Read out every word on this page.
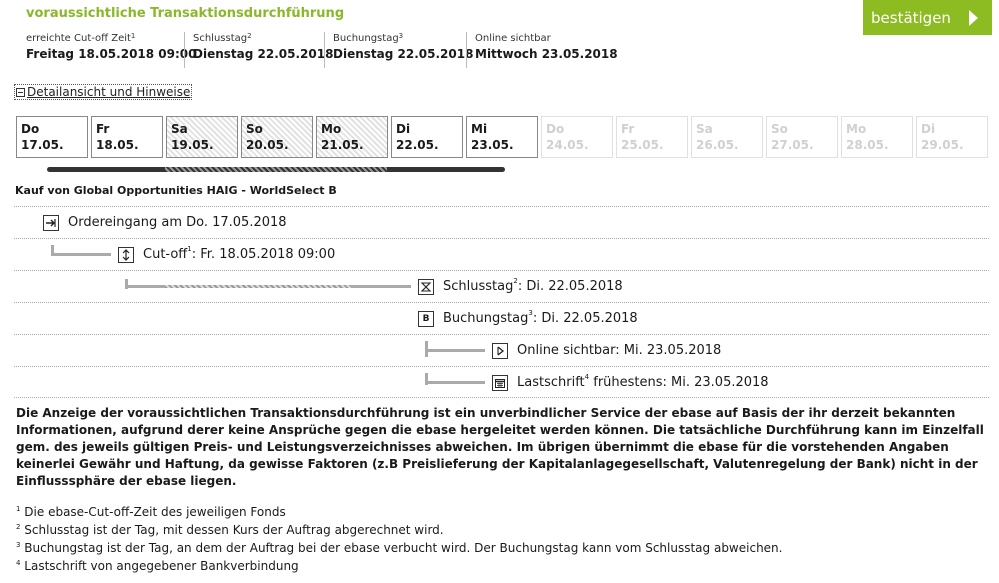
voraussichtliche Transaktionsdurchführung	bestätigen
erreichte Cut-off Zeit$^1$
Freitag 18.05.2018 09:00
Schlusstag$^2$
Dienstag 22.05.2018
Buchungstag$^3$
Dienstag 22.05.2018
Online sichtbar
Mittwoch 23.05.2018
Detailansicht und Hinweise
Do
17.05.
Fr
18.05.
Sa
19.05.
So
20.05.
Mo
21.05.
Di
22.05.
Mi
23.05.
Do
24.05.
Fr
25.05.
Sa
26.05.
So
27.05.
Mo
28.05.
Di
29.05.
Kauf von Global Opportunities HAIG - WorldSelect B
Ordereingang am Do. 17.05.2018
Cut-off$^1$: Fr. 18.05.2018 09:00
Schlusstag$^2$: Di. 22.05.2018
B	Buchungstag$^3$: Di. 22.05.2018
Online sichtbar: Mi. 23.05.2018
Lastschrift$^4$ frühestens: Mi. 23.05.2018
Die Anzeige der voraussichtlichen Transaktionsdurchführung ist ein unverbindlicher Service der ebase auf Basis der ihr derzeit bekannten Informationen, aufgrund derer keine Ansprüche gegen die ebase hergeleitet werden können. Die tatsächliche Durchführung kann im Einzelfall gem. des jeweils gültigen Preis- und Leistungsverzeichnisses abweichen. Im übrigen übernimmt die ebase für die vorstehenden Angaben keinerlei Gewähr und Haftung, da gewisse Faktoren (z.B Preislieferung der Kapitalanlagegesellschaft, Valutenregelung der Bank) nicht in der Einflusssphäre der ebase liegen.
$^1$ Die ebase-Cut-off-Zeit des jeweiligen Fonds
$^2$ Schlusstag ist der Tag, mit dessen Kurs der Auftrag abgerechnet wird.
$^3$ Buchungstag ist der Tag, an dem der Auftrag bei der ebase verbucht wird. Der Buchungstag kann vom Schlusstag abweichen.
$^4$ Lastschrift von angegebener Bankverbindung
